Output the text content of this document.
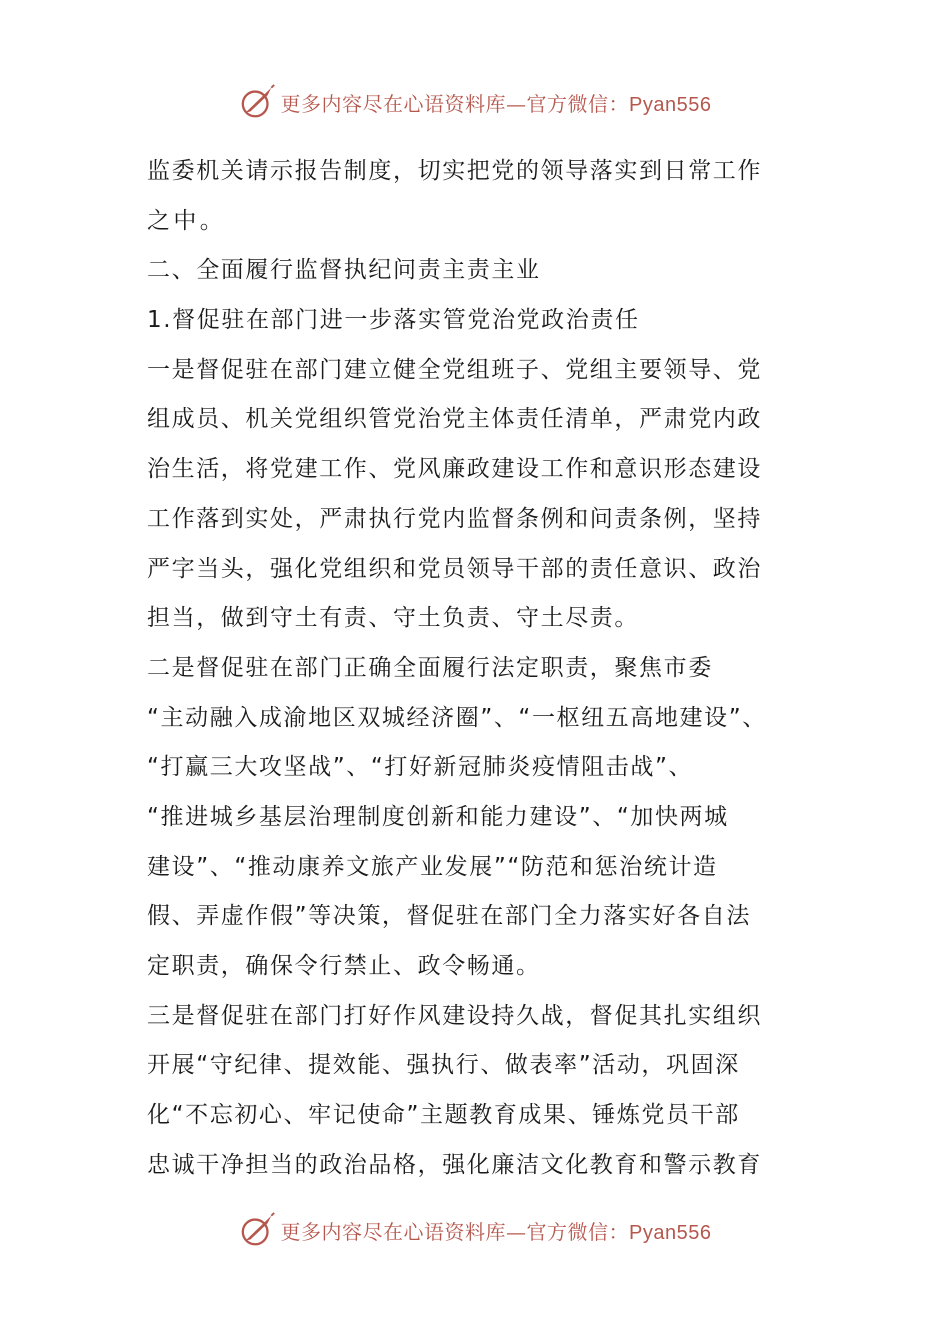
更多内容尽在心语资料库—官方微信：Pyan556
监委机关请示报告制度，切实把党的领导落实到日常工作
之中。
二、全面履行监督执纪问责主责主业
1.督促驻在部门进一步落实管党治党政治责任
一是督促驻在部门建立健全党组班子、党组主要领导、党
组成员、机关党组织管党治党主体责任清单，严肃党内政
治生活，将党建工作、党风廉政建设工作和意识形态建设
工作落到实处，严肃执行党内监督条例和问责条例，坚持
严字当头，强化党组织和党员领导干部的责任意识、政治
担当，做到守土有责、守土负责、守土尽责。
二是督促驻在部门正确全面履行法定职责，聚焦市委
“主动融入成渝地区双城经济圈”、“一枢纽五高地建设”、
“打赢三大攻坚战”、“打好新冠肺炎疫情阻击战”、
“推进城乡基层治理制度创新和能力建设”、“加快两城
建设”、“推动康养文旅产业发展”“防范和惩治统计造
假、弄虚作假”等决策，督促驻在部门全力落实好各自法
定职责，确保令行禁止、政令畅通。
三是督促驻在部门打好作风建设持久战，督促其扎实组织
开展“守纪律、提效能、强执行、做表率”活动，巩固深
化“不忘初心、牢记使命”主题教育成果、锤炼党员干部
忠诚干净担当的政治品格，强化廉洁文化教育和警示教育
更多内容尽在心语资料库—官方微信：Pyan556
